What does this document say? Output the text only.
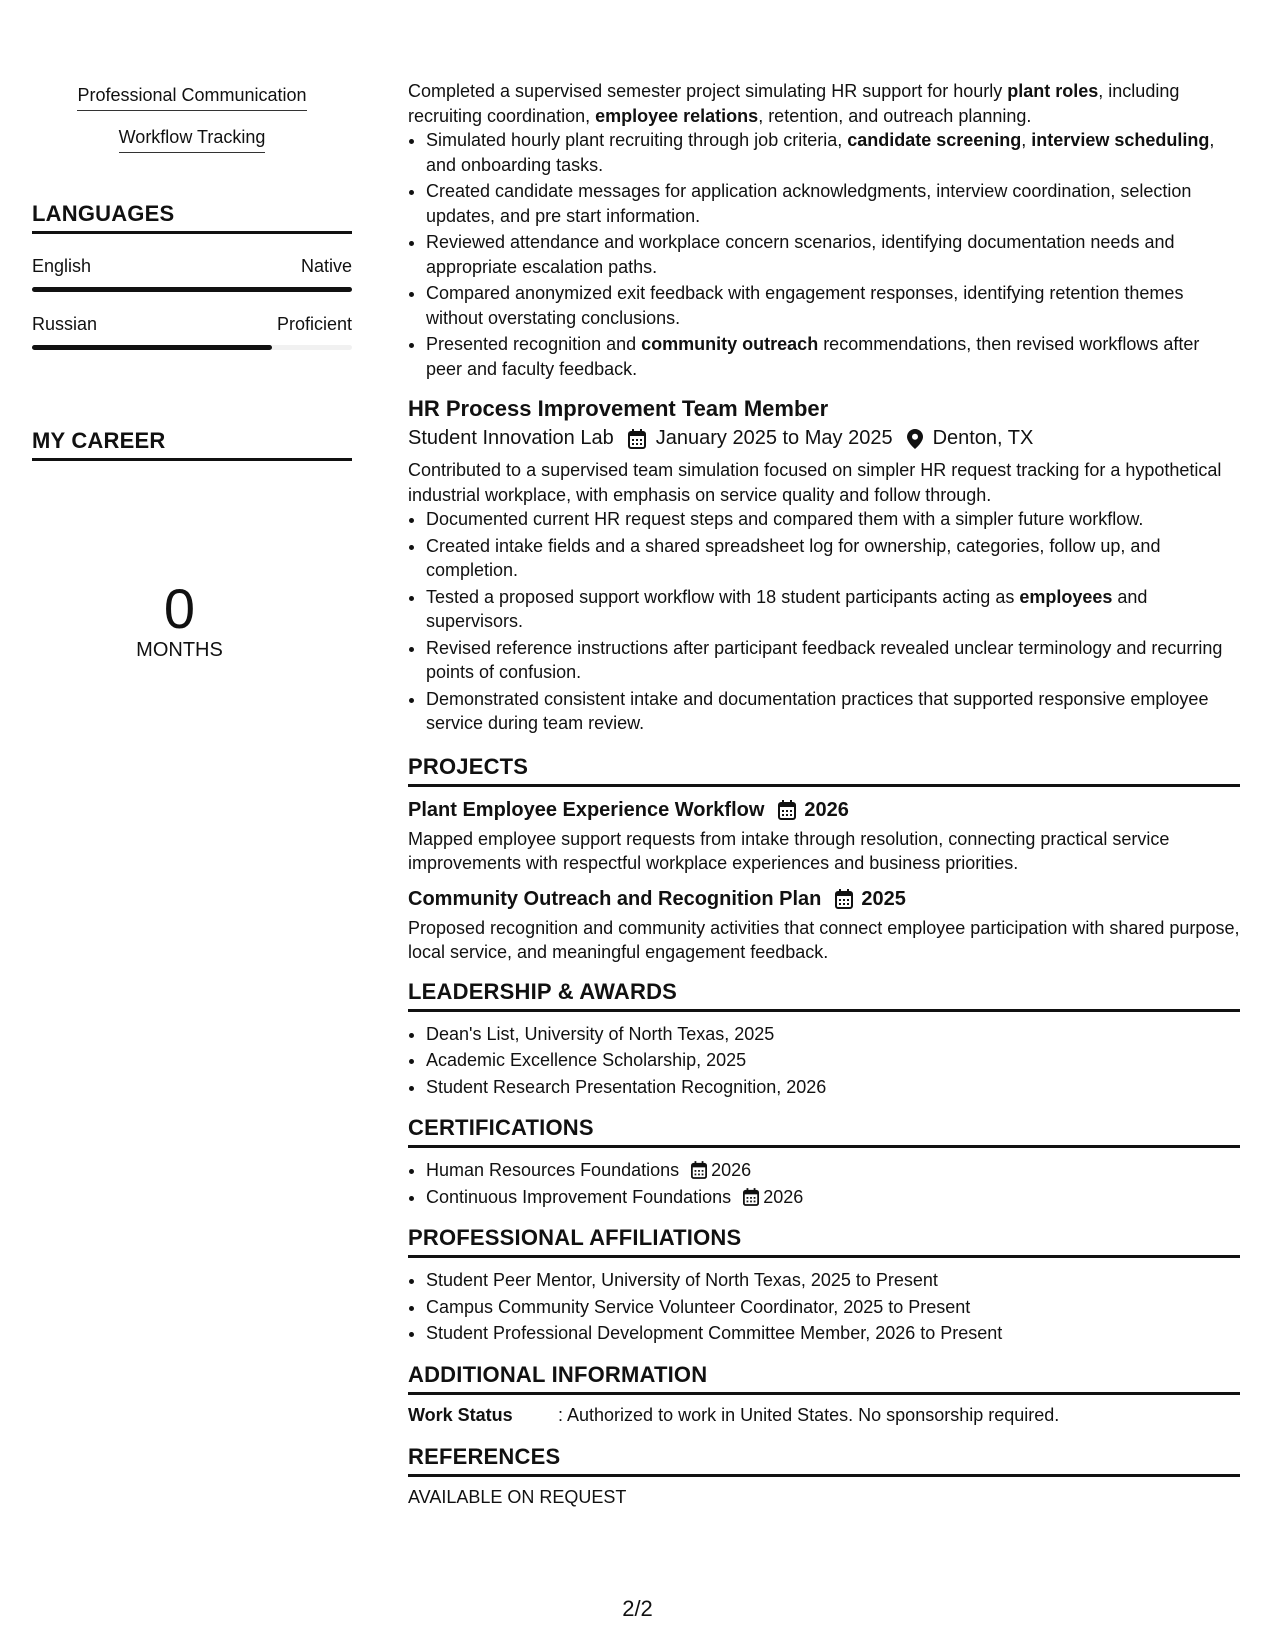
Professional Communication
Workflow Tracking
LANGUAGES
English	Native
Russian	Proficient
MY CAREER
0
MONTHS

Completed a supervised semester project simulating HR support for hourly plant roles, including recruiting coordination, employee relations, retention, and outreach planning.

• Simulated hourly plant recruiting through job criteria, candidate screening, interview scheduling, and onboarding tasks.
• Created candidate messages for application acknowledgments, interview coordination, selection updates, and pre start information.
• Reviewed attendance and workplace concern scenarios, identifying documentation needs and appropriate escalation paths.
• Compared anonymized exit feedback with engagement responses, identifying retention themes without overstating conclusions.
• Presented recognition and community outreach recommendations, then revised workflows after peer and faculty feedback.
HR Process Improvement Team Member
Student Innovation Lab January 2025 to May 2025 Denton, TX

Contributed to a supervised team simulation focused on simpler HR request tracking for a hypothetical industrial workplace, with emphasis on service quality and follow through.

• Documented current HR request steps and compared them with a simpler future workflow.
• Created intake fields and a shared spreadsheet log for ownership, categories, follow up, and completion.
• Tested a proposed support workflow with 18 student participants acting as employees and supervisors.
• Revised reference instructions after participant feedback revealed unclear terminology and recurring points of confusion.
• Demonstrated consistent intake and documentation practices that supported responsive employee service during team review.
PROJECTS
Plant Employee Experience Workflow 2026
Mapped employee support requests from intake through resolution, connecting practical service improvements with respectful workplace experiences and business priorities.
Community Outreach and Recognition Plan 2025
Proposed recognition and community activities that connect employee participation with shared purpose, local service, and meaningful engagement feedback.
LEADERSHIP & AWARDS
• Dean's List, University of North Texas, 2025
• Academic Excellence Scholarship, 2025
• Student Research Presentation Recognition, 2026
CERTIFICATIONS
• Human Resources Foundations 2026
• Continuous Improvement Foundations 2026
PROFESSIONAL AFFILIATIONS
• Student Peer Mentor, University of North Texas, 2025 to Present
• Campus Community Service Volunteer Coordinator, 2025 to Present
• Student Professional Development Committee Member, 2026 to Present
ADDITIONAL INFORMATION
Work Status	: Authorized to work in United States. No sponsorship required.
REFERENCES
AVAILABLE ON REQUEST
2/2
